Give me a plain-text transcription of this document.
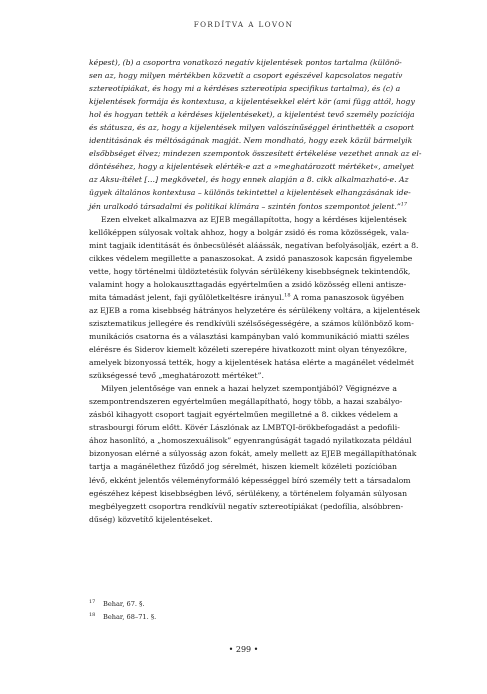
FORDÍTVA A LOVON
képest), (b) a csoportra vonatkozó negatív kijelentések pontos tartalma (különö-
sen az, hogy milyen mértékben közvetít a csoport egészével kapcsolatos negatív
sztereotípiákat, és hogy mi a kérdéses sztereotípia specifikus tartalma), és (c) a
kijelentések formája és kontextusa, a kijelentésekkel elért kör (ami függ attól, hogy
hol és hogyan tették a kérdéses kijelentéseket), a kijelentést tevő személy pozíciója
és státusza, és az, hogy a kijelentések milyen valószínűséggel érinthették a csoport
identitásának és méltóságának magját. Nem mondható, hogy ezek közül bármelyik
elsőbbséget élvez; mindezen szempontok összesített értékelése vezethet annak az el-
döntéséhez, hogy a kijelentések elérték-e azt a »meghatározott mértéket«, amelyet
az Aksu-ítélet […] megkövetel, és hogy ennek alapján a 8. cikk alkalmazható-e. Az
ügyek általános kontextusa – különös tekintettel a kijelentések elhangzásának ide-
jén uralkodó társadalmi és politikai klímára – szintén fontos szempontot jelent.”$^{17}$
Ezen elveket alkalmazva az EJEB megállapította, hogy a kérdéses kijelentések
kellőképpen súlyosak voltak ahhoz, hogy a bolgár zsidó és roma közösségek, vala-
mint tagjaik identitását és önbecsülését aláássák, negatívan befolyásolják, ezért a 8.
cikkes védelem megillette a panaszosokat. A zsidó panaszosok kapcsán figyelembe
vette, hogy történelmi üldöztetésük folyván sérülékeny kisebbségnek tekintendők,
valamint hogy a holokauszttagadás egyértelműen a zsidó közösség elleni antisze-
mita támadást jelent, faji gyűlöletkeltésre irányul.$^{18}$ A roma panaszosok ügyében
az EJEB a roma kisebbség hátrányos helyzetére és sérülékeny voltára, a kijelentések
szisztematikus jellegére és rendkívüli szélsőségességére, a számos különböző kom-
munikációs csatorna és a választási kampányban való kommunikáció miatti széles
elérésre és Siderov kiemelt közéleti szerepére hivatkozott mint olyan tényezőkre,
amelyek bizonyossá tették, hogy a kijelentések hatása elérte a magánélet védelmét
szükségessé tevő „meghatározott mértéket”.
Milyen jelentősége van ennek a hazai helyzet szempontjából? Végignézve a
szempontrendszeren egyértelműen megállapítható, hogy több, a hazai szabályo-
zásból kihagyott csoport tagjait egyértelműen megilletné a 8. cikkes védelem a
strasbourgi fórum előtt. Kövér Lászlónak az LMBTQI-örökbefogadást a pedofili-
ához hasonlító, a „homoszexuálisok” egyenrangúságát tagadó nyilatkozata például
bizonyosan elérné a súlyosság azon fokát, amely mellett az EJEB megállapíthatónak
tartja a magánélethez fűződő jog sérelmét, hiszen kiemelt közéleti pozícióban
lévő, ekként jelentős véleményformáló képességgel bíró személy tett a társadalom
egészéhez képest kisebbségben lévő, sérülékeny, a történelem folyamán súlyosan
megbélyegzett csoportra rendkívül negatív sztereotípiákat (pedofília, alsóbbren-
dűség) közvetítő kijelentéseket.
17 Behar, 67. §.
18 Behar, 68–71. §.
• 299 •
